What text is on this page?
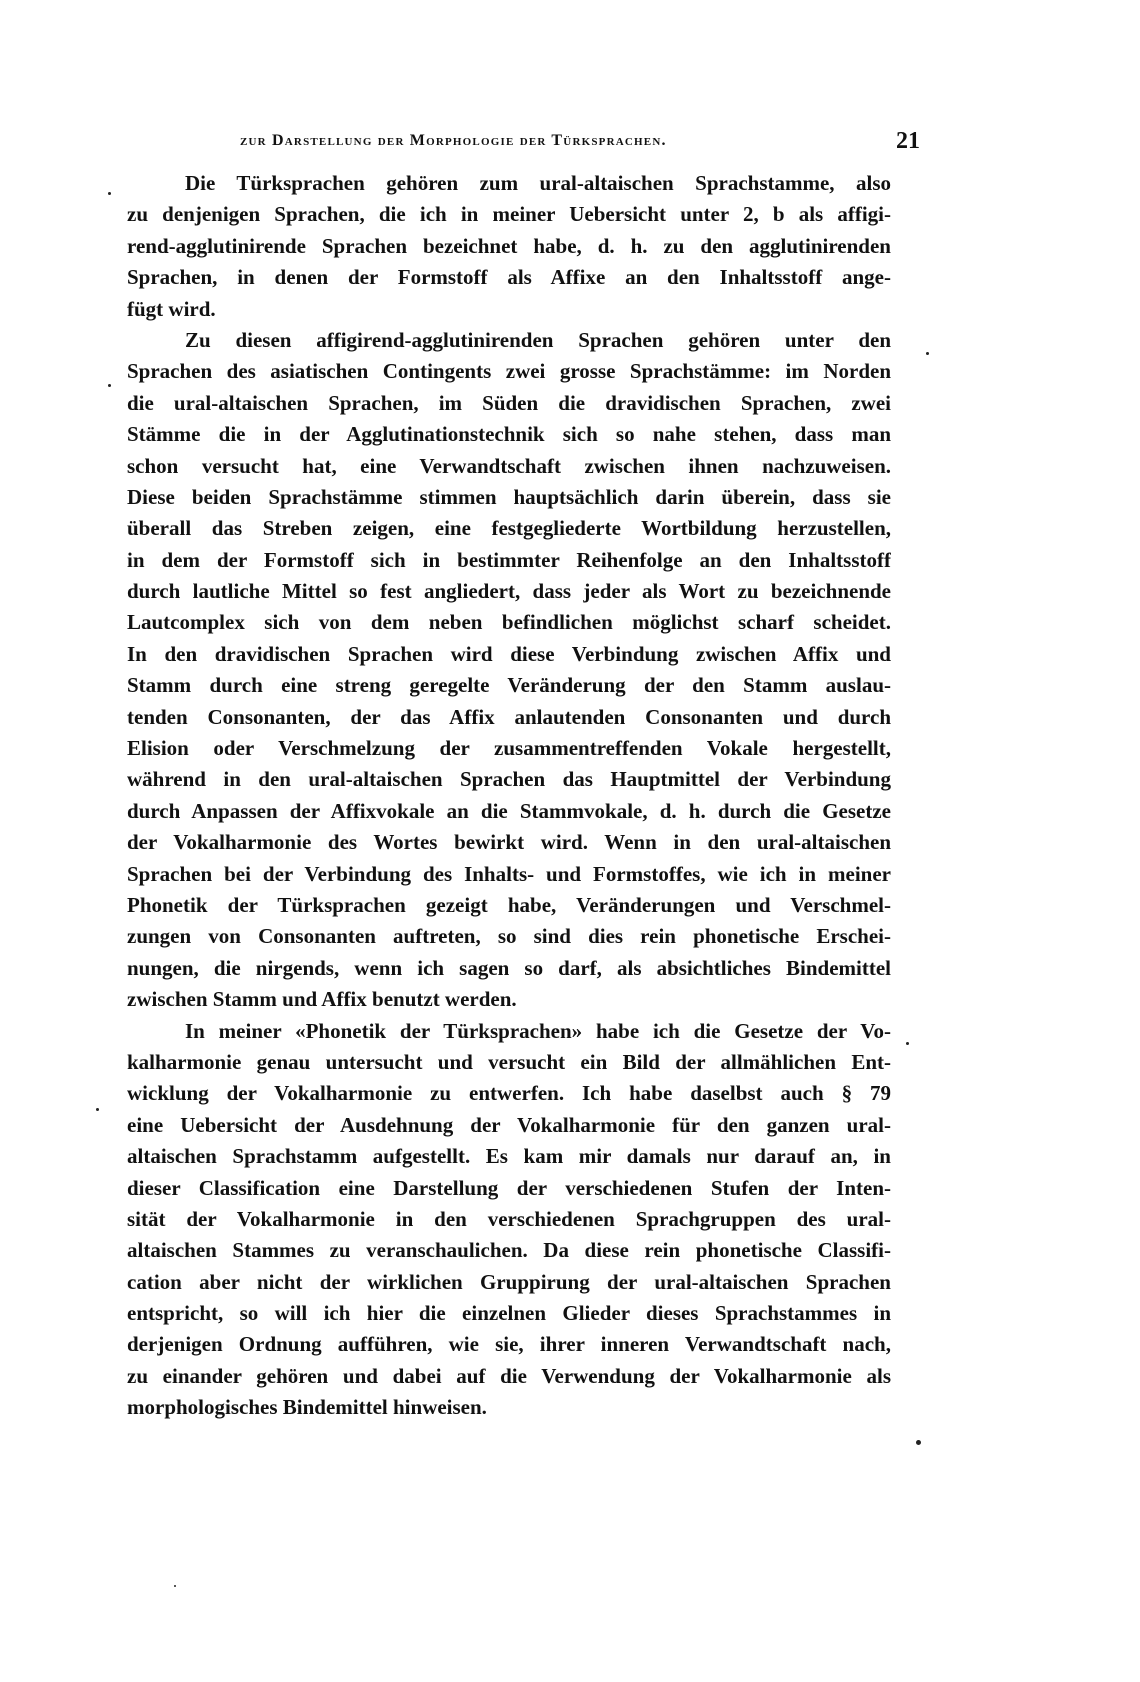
zur Darstellung der Morphologie der Türksprachen.	21
Die Türksprachen gehören zum ural-altaischen Sprachstamme, also
zu denjenigen Sprachen, die ich in meiner Uebersicht unter 2, b als affigi-
rend-agglutinirende Sprachen bezeichnet habe, d. h. zu den agglutinirenden
Sprachen, in denen der Formstoff als Affixe an den Inhaltsstoff ange-
fügt wird.
Zu diesen affigirend-agglutinirenden Sprachen gehören unter den
Sprachen des asiatischen Contingents zwei grosse Sprachstämme: im Norden
die ural-altaischen Sprachen, im Süden die dravidischen Sprachen, zwei
Stämme die in der Agglutinationstechnik sich so nahe stehen, dass man
schon versucht hat, eine Verwandtschaft zwischen ihnen nachzuweisen.
Diese beiden Sprachstämme stimmen hauptsächlich darin überein, dass sie
überall das Streben zeigen, eine festgegliederte Wortbildung herzustellen,
in dem der Formstoff sich in bestimmter Reihenfolge an den Inhaltsstoff
durch lautliche Mittel so fest angliedert, dass jeder als Wort zu bezeichnende
Lautcomplex sich von dem neben befindlichen möglichst scharf scheidet.
In den dravidischen Sprachen wird diese Verbindung zwischen Affix und
Stamm durch eine streng geregelte Veränderung der den Stamm auslau-
tenden Consonanten, der das Affix anlautenden Consonanten und durch
Elision oder Verschmelzung der zusammentreffenden Vokale hergestellt,
während in den ural-altaischen Sprachen das Hauptmittel der Verbindung
durch Anpassen der Affixvokale an die Stammvokale, d. h. durch die Gesetze
der Vokalharmonie des Wortes bewirkt wird. Wenn in den ural-altaischen
Sprachen bei der Verbindung des Inhalts- und Formstoffes, wie ich in meiner
Phonetik der Türksprachen gezeigt habe, Veränderungen und Verschmel-
zungen von Consonanten auftreten, so sind dies rein phonetische Erschei-
nungen, die nirgends, wenn ich sagen so darf, als absichtliches Bindemittel
zwischen Stamm und Affix benutzt werden.
In meiner «Phonetik der Türksprachen» habe ich die Gesetze der Vo-
kalharmonie genau untersucht und versucht ein Bild der allmählichen Ent-
wicklung der Vokalharmonie zu entwerfen. Ich habe daselbst auch § 79
eine Uebersicht der Ausdehnung der Vokalharmonie für den ganzen ural-
altaischen Sprachstamm aufgestellt. Es kam mir damals nur darauf an, in
dieser Classification eine Darstellung der verschiedenen Stufen der Inten-
sität der Vokalharmonie in den verschiedenen Sprachgruppen des ural-
altaischen Stammes zu veranschaulichen. Da diese rein phonetische Classifi-
cation aber nicht der wirklichen Gruppirung der ural-altaischen Sprachen
entspricht, so will ich hier die einzelnen Glieder dieses Sprachstammes in
derjenigen Ordnung aufführen, wie sie, ihrer inneren Verwandtschaft nach,
zu einander gehören und dabei auf die Verwendung der Vokalharmonie als
morphologisches Bindemittel hinweisen.
